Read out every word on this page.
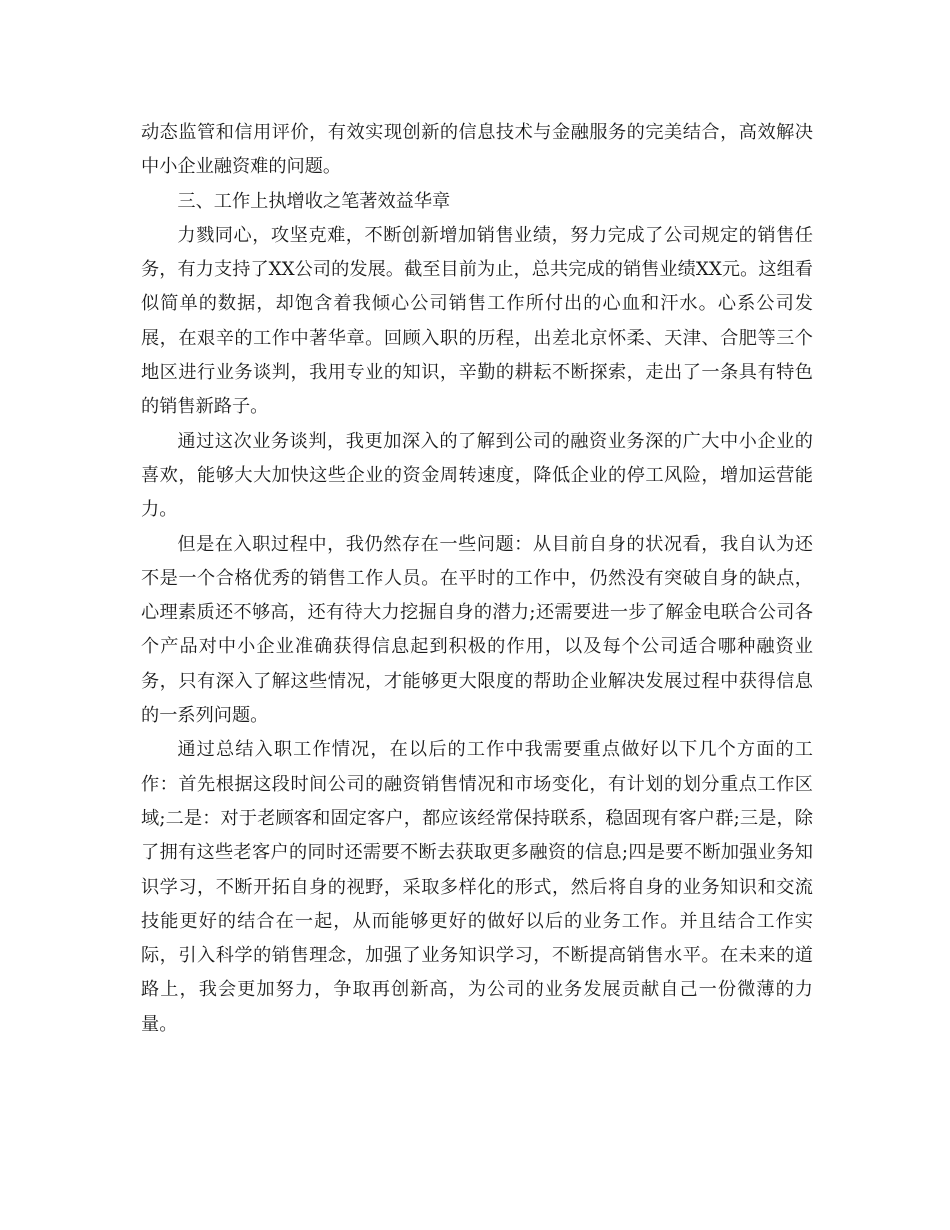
动态监管和信用评价，有效实现创新的信息技术与金融服务的完美结合，高效解决中小企业融资难的问题。

三、工作上执增收之笔著效益华章

力戮同心，攻坚克难，不断创新增加销售业绩，努力完成了公司规定的销售任务，有力支持了XX公司的发展。截至目前为止，总共完成的销售业绩XX元。这组看似简单的数据，却饱含着我倾心公司销售工作所付出的心血和汗水。心系公司发展，在艰辛的工作中著华章。回顾入职的历程，出差北京怀柔、天津、合肥等三个地区进行业务谈判，我用专业的知识，辛勤的耕耘不断探索，走出了一条具有特色的销售新路子。

通过这次业务谈判，我更加深入的了解到公司的融资业务深的广大中小企业的喜欢，能够大大加快这些企业的资金周转速度，降低企业的停工风险，增加运营能力。

但是在入职过程中，我仍然存在一些问题：从目前自身的状况看，我自认为还不是一个合格优秀的销售工作人员。在平时的工作中，仍然没有突破自身的缺点，心理素质还不够高，还有待大力挖掘自身的潜力;还需要进一步了解金电联合公司各个产品对中小企业准确获得信息起到积极的作用，以及每个公司适合哪种融资业务，只有深入了解这些情况，才能够更大限度的帮助企业解决发展过程中获得信息的一系列问题。

通过总结入职工作情况，在以后的工作中我需要重点做好以下几个方面的工作：首先根据这段时间公司的融资销售情况和市场变化，有计划的划分重点工作区域;二是：对于老顾客和固定客户，都应该经常保持联系，稳固现有客户群;三是，除了拥有这些老客户的同时还需要不断去获取更多融资的信息;四是要不断加强业务知识学习，不断开拓自身的视野，采取多样化的形式，然后将自身的业务知识和交流技能更好的结合在一起，从而能够更好的做好以后的业务工作。并且结合工作实际，引入科学的销售理念，加强了业务知识学习，不断提高销售水平。在未来的道路上，我会更加努力，争取再创新高，为公司的业务发展贡献自己一份微薄的力量。
